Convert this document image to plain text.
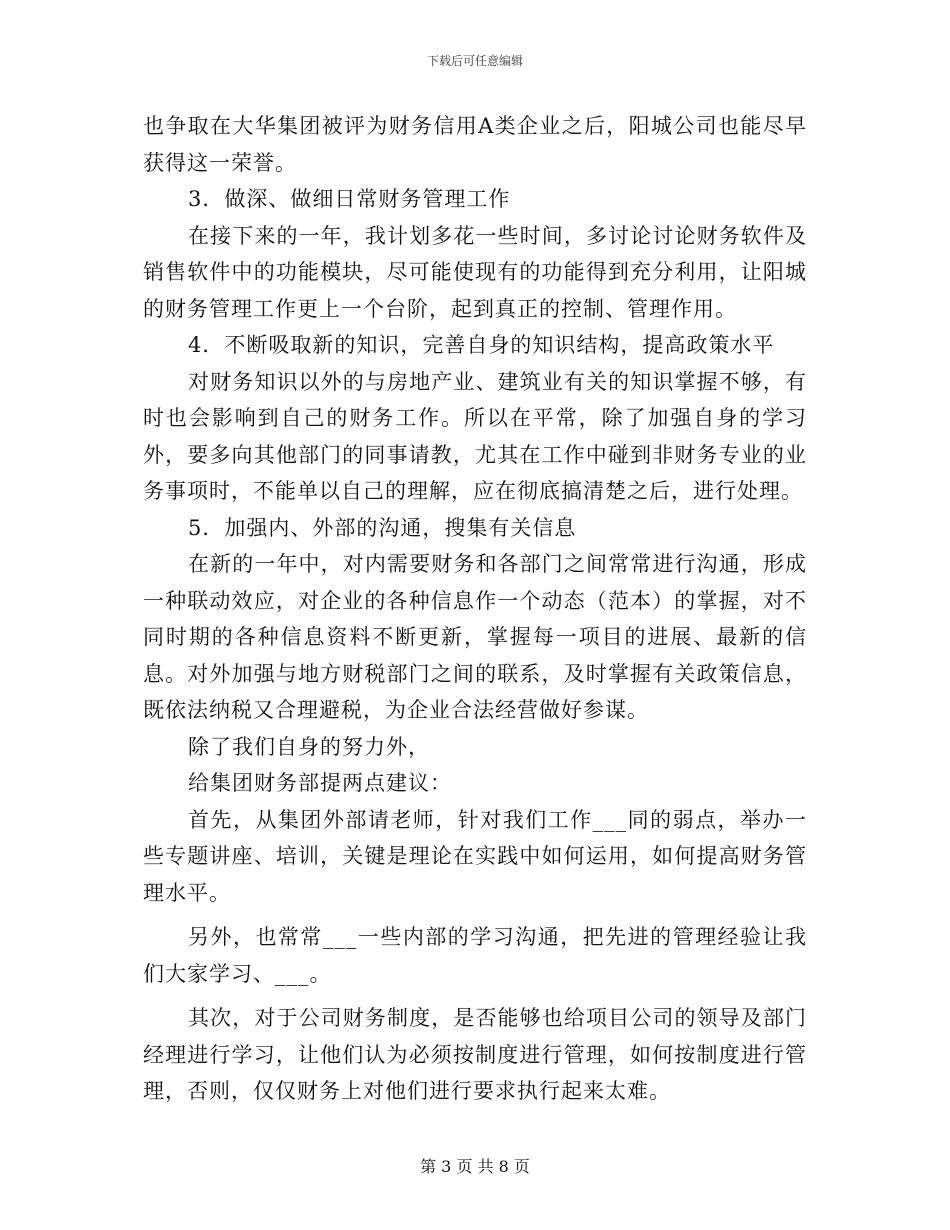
下载后可任意编辑

也争取在大华集团被评为财务信用A类企业之后，阳城公司也能尽早获得这一荣誉。

3．做深、做细日常财务管理工作

在接下来的一年，我计划多花一些时间，多讨论讨论财务软件及销售软件中的功能模块，尽可能使现有的功能得到充分利用，让阳城的财务管理工作更上一个台阶，起到真正的控制、管理作用。

4．不断吸取新的知识，完善自身的知识结构，提高政策水平

对财务知识以外的与房地产业、建筑业有关的知识掌握不够，有时也会影响到自己的财务工作。所以在平常，除了加强自身的学习外，要多向其他部门的同事请教，尤其在工作中碰到非财务专业的业务事项时，不能单以自己的理解，应在彻底搞清楚之后，进行处理。

5．加强内、外部的沟通，搜集有关信息

在新的一年中，对内需要财务和各部门之间常常进行沟通，形成一种联动效应，对企业的各种信息作一个动态（范本）的掌握，对不同时期的各种信息资料不断更新，掌握每一项目的进展、最新的信息。对外加强与地方财税部门之间的联系，及时掌握有关政策信息，既依法纳税又合理避税，为企业合法经营做好参谋。

除了我们自身的努力外，

给集团财务部提两点建议：

首先，从集团外部请老师，针对我们工作___同的弱点，举办一些专题讲座、培训，关键是理论在实践中如何运用，如何提高财务管理水平。

另外，也常常___一些内部的学习沟通，把先进的管理经验让我们大家学习、___。

其次，对于公司财务制度，是否能够也给项目公司的领导及部门经理进行学习，让他们认为必须按制度进行管理，如何按制度进行管理，否则，仅仅财务上对他们进行要求执行起来太难。

第 3 页 共 8 页
